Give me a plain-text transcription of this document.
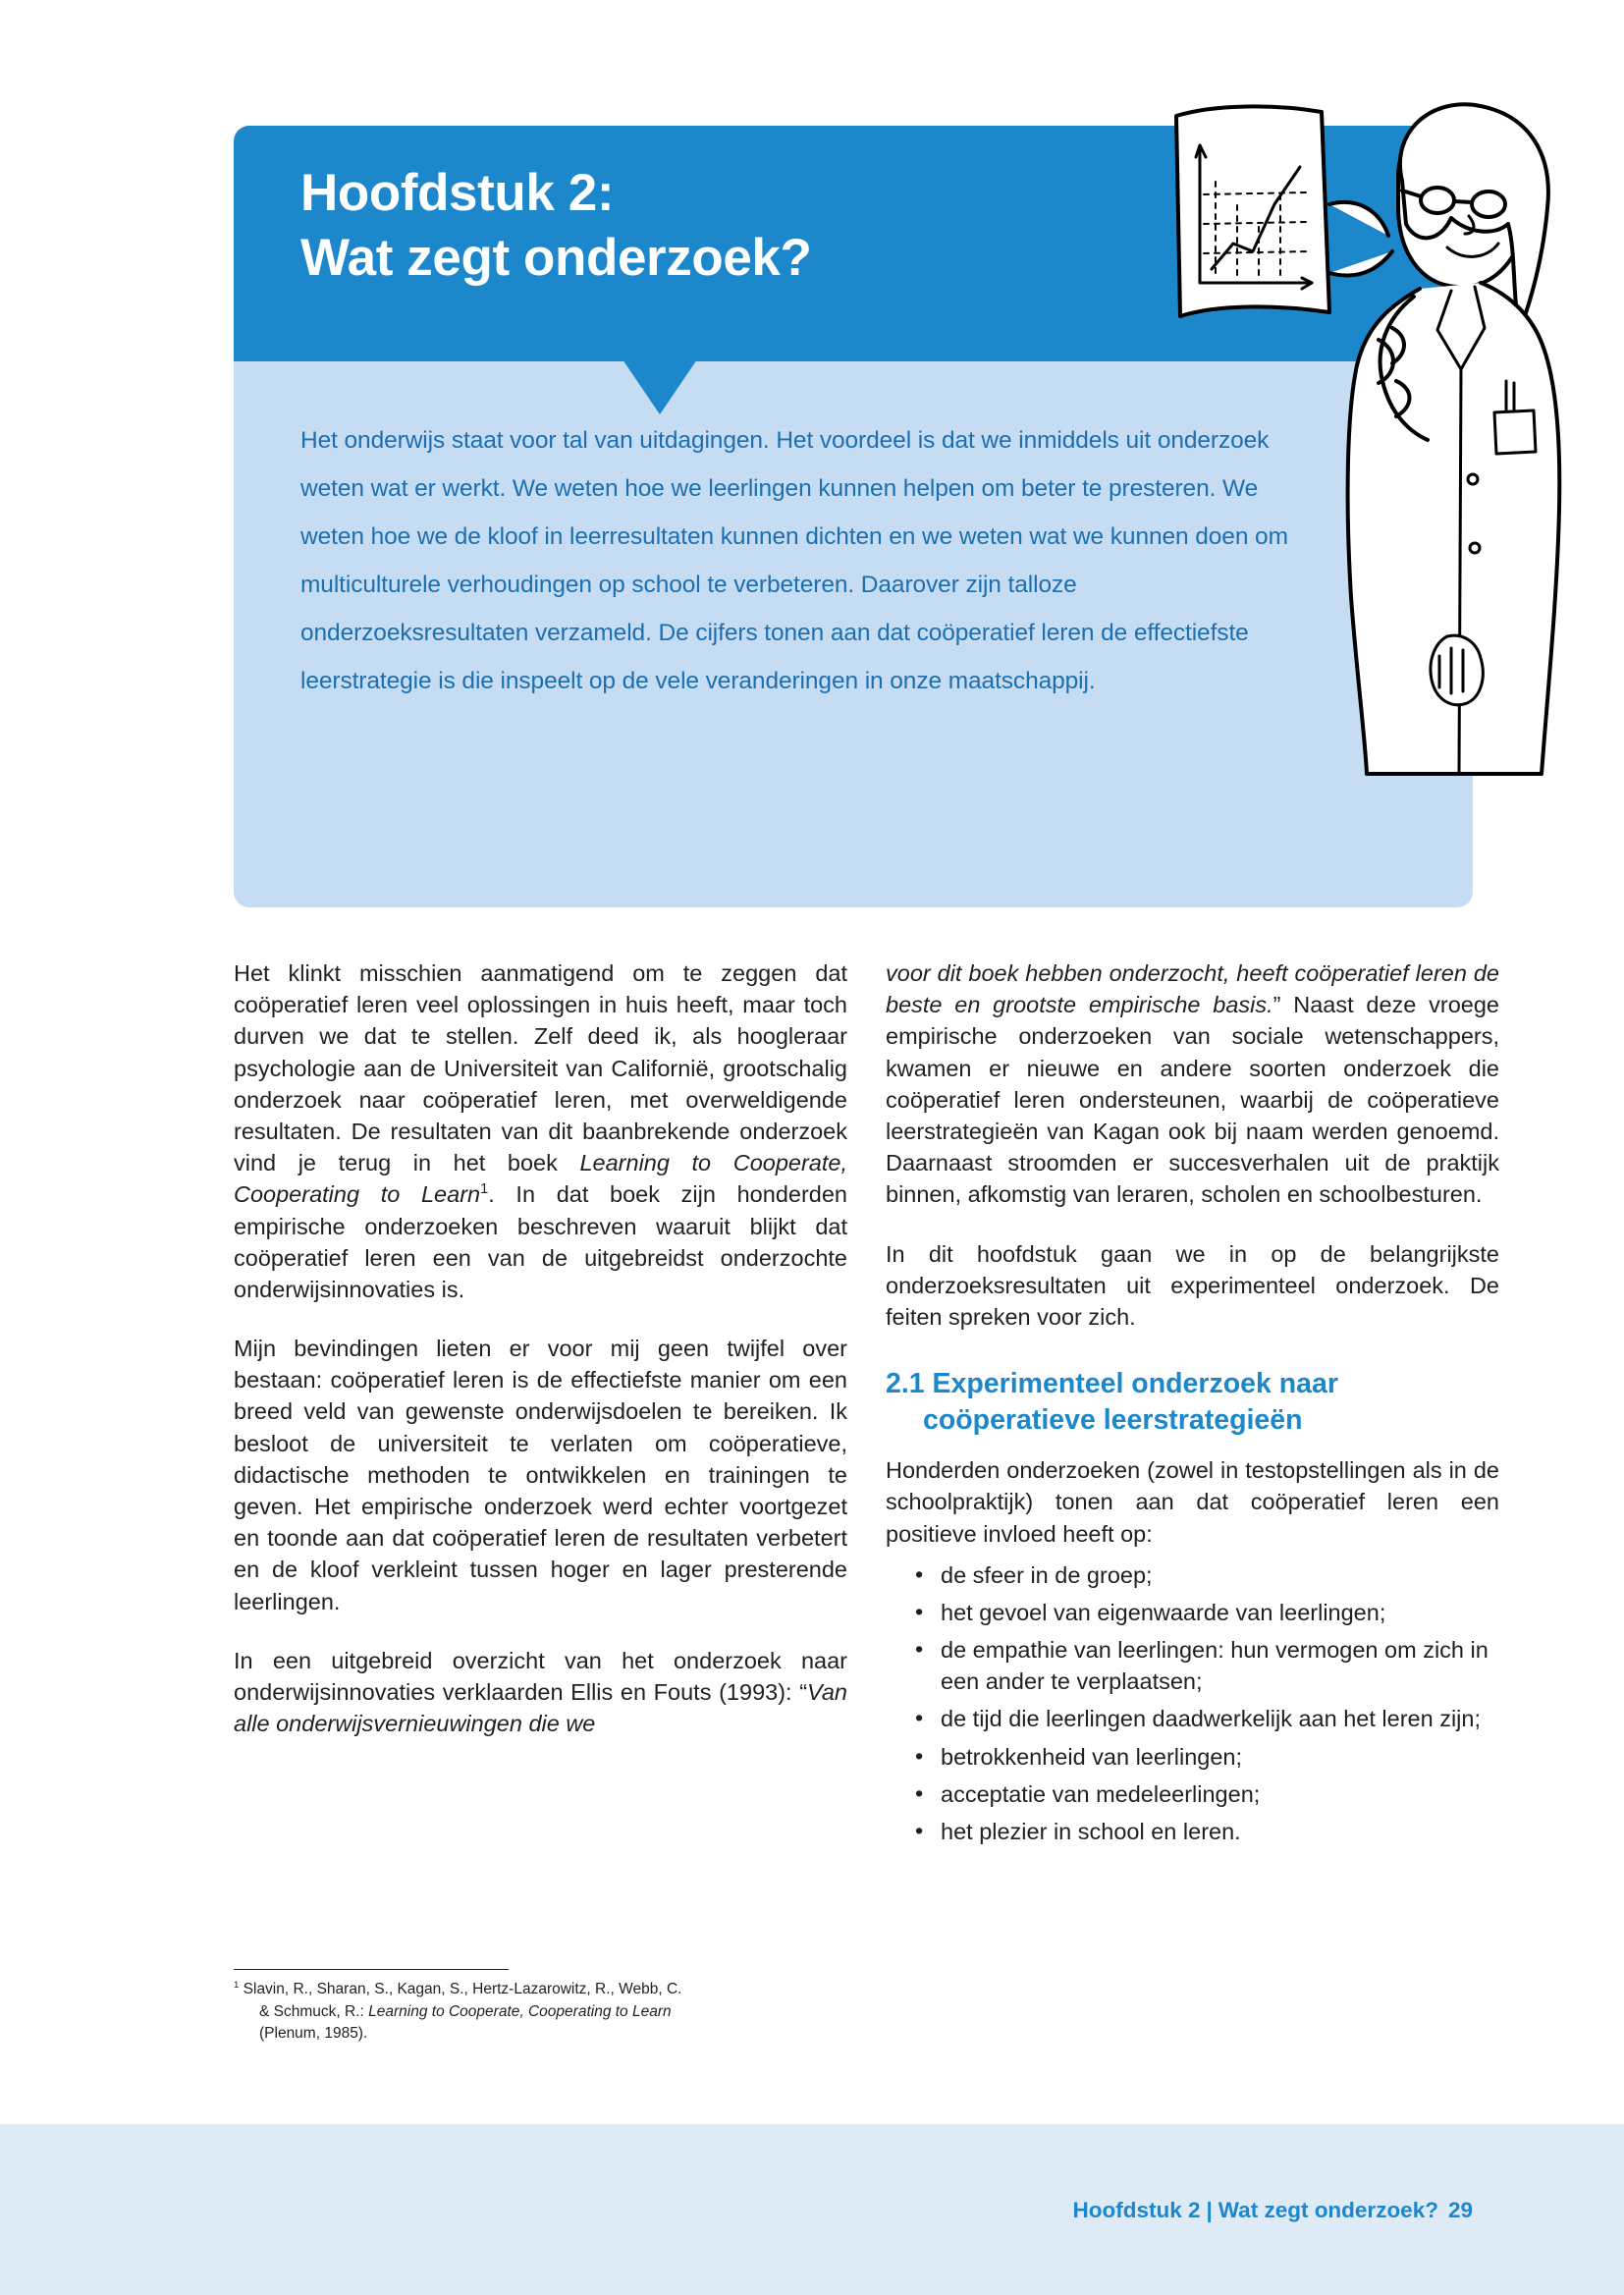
Hoofdstuk 2:
Wat zegt onderzoek?
Het onderwijs staat voor tal van uitdagingen. Het voordeel is dat we inmiddels uit onderzoek weten wat er werkt. We weten hoe we leerlingen kunnen helpen om beter te presteren. We weten hoe we de kloof in leerresultaten kunnen dichten en we weten wat we kunnen doen om multiculturele verhoudingen op school te verbeteren. Daarover zijn talloze onderzoeksresultaten verzameld. De cijfers tonen aan dat coöperatief leren de effectiefste leerstrategie is die inspeelt op de vele veranderingen in onze maatschappij.

Het klinkt misschien aanmatigend om te zeggen dat coöperatief leren veel oplossingen in huis heeft, maar toch durven we dat te stellen. Zelf deed ik, als hoogleraar psychologie aan de Universiteit van Californië, grootschalig onderzoek naar coöperatief leren, met overweldigende resultaten. De resultaten van dit baanbrekende onderzoek vind je terug in het boek Learning to Cooperate, Cooperating to Learn$^1$. In dat boek zijn honderden empirische onderzoeken beschreven waaruit blijkt dat coöperatief leren een van de uitgebreidst onderzochte onderwijsinnovaties is.

Mijn bevindingen lieten er voor mij geen twijfel over bestaan: coöperatief leren is de effectiefste manier om een breed veld van gewenste onderwijsdoelen te bereiken. Ik besloot de universiteit te verlaten om coöperatieve, didactische methoden te ontwikkelen en trainingen te geven. Het empirische onderzoek werd echter voortgezet en toonde aan dat coöperatief leren de resultaten verbetert en de kloof verkleint tussen hoger en lager presterende leerlingen.

In een uitgebreid overzicht van het onderzoek naar onderwijsinnovaties verklaarden Ellis en Fouts (1993): “Van alle onderwijsvernieuwingen die we

voor dit boek hebben onderzocht, heeft coöperatief leren de beste en grootste empirische basis.” Naast deze vroege empirische onderzoeken van sociale wetenschappers, kwamen er nieuwe en andere soorten onderzoek die coöperatief leren ondersteunen, waarbij de coöperatieve leerstrategieën van Kagan ook bij naam werden genoemd. Daarnaast stroomden er succesverhalen uit de praktijk binnen, afkomstig van leraren, scholen en schoolbesturen.

In dit hoofdstuk gaan we in op de belangrijkste onderzoeksresultaten uit experimenteel onderzoek. De feiten spreken voor zich.

2.1 Experimenteel onderzoek naar
coöperatieve leerstrategieën

Honderden onderzoeken (zowel in testopstellingen als in de schoolpraktijk) tonen aan dat coöperatief leren een positieve invloed heeft op:

• de sfeer in de groep;
• het gevoel van eigenwaarde van leerlingen;
• de empathie van leerlingen: hun vermogen om zich in een ander te verplaatsen;
• de tijd die leerlingen daadwerkelijk aan het leren zijn;
• betrokkenheid van leerlingen;
• acceptatie van medeleerlingen;
• het plezier in school en leren.
$^1$ Slavin, R., Sharan, S., Kagan, S., Hertz-Lazarowitz, R., Webb, C.
& Schmuck, R.: Learning to Cooperate, Cooperating to Learn
(Plenum, 1985).
Hoofdstuk 2 | Wat zegt onderzoek? 29
